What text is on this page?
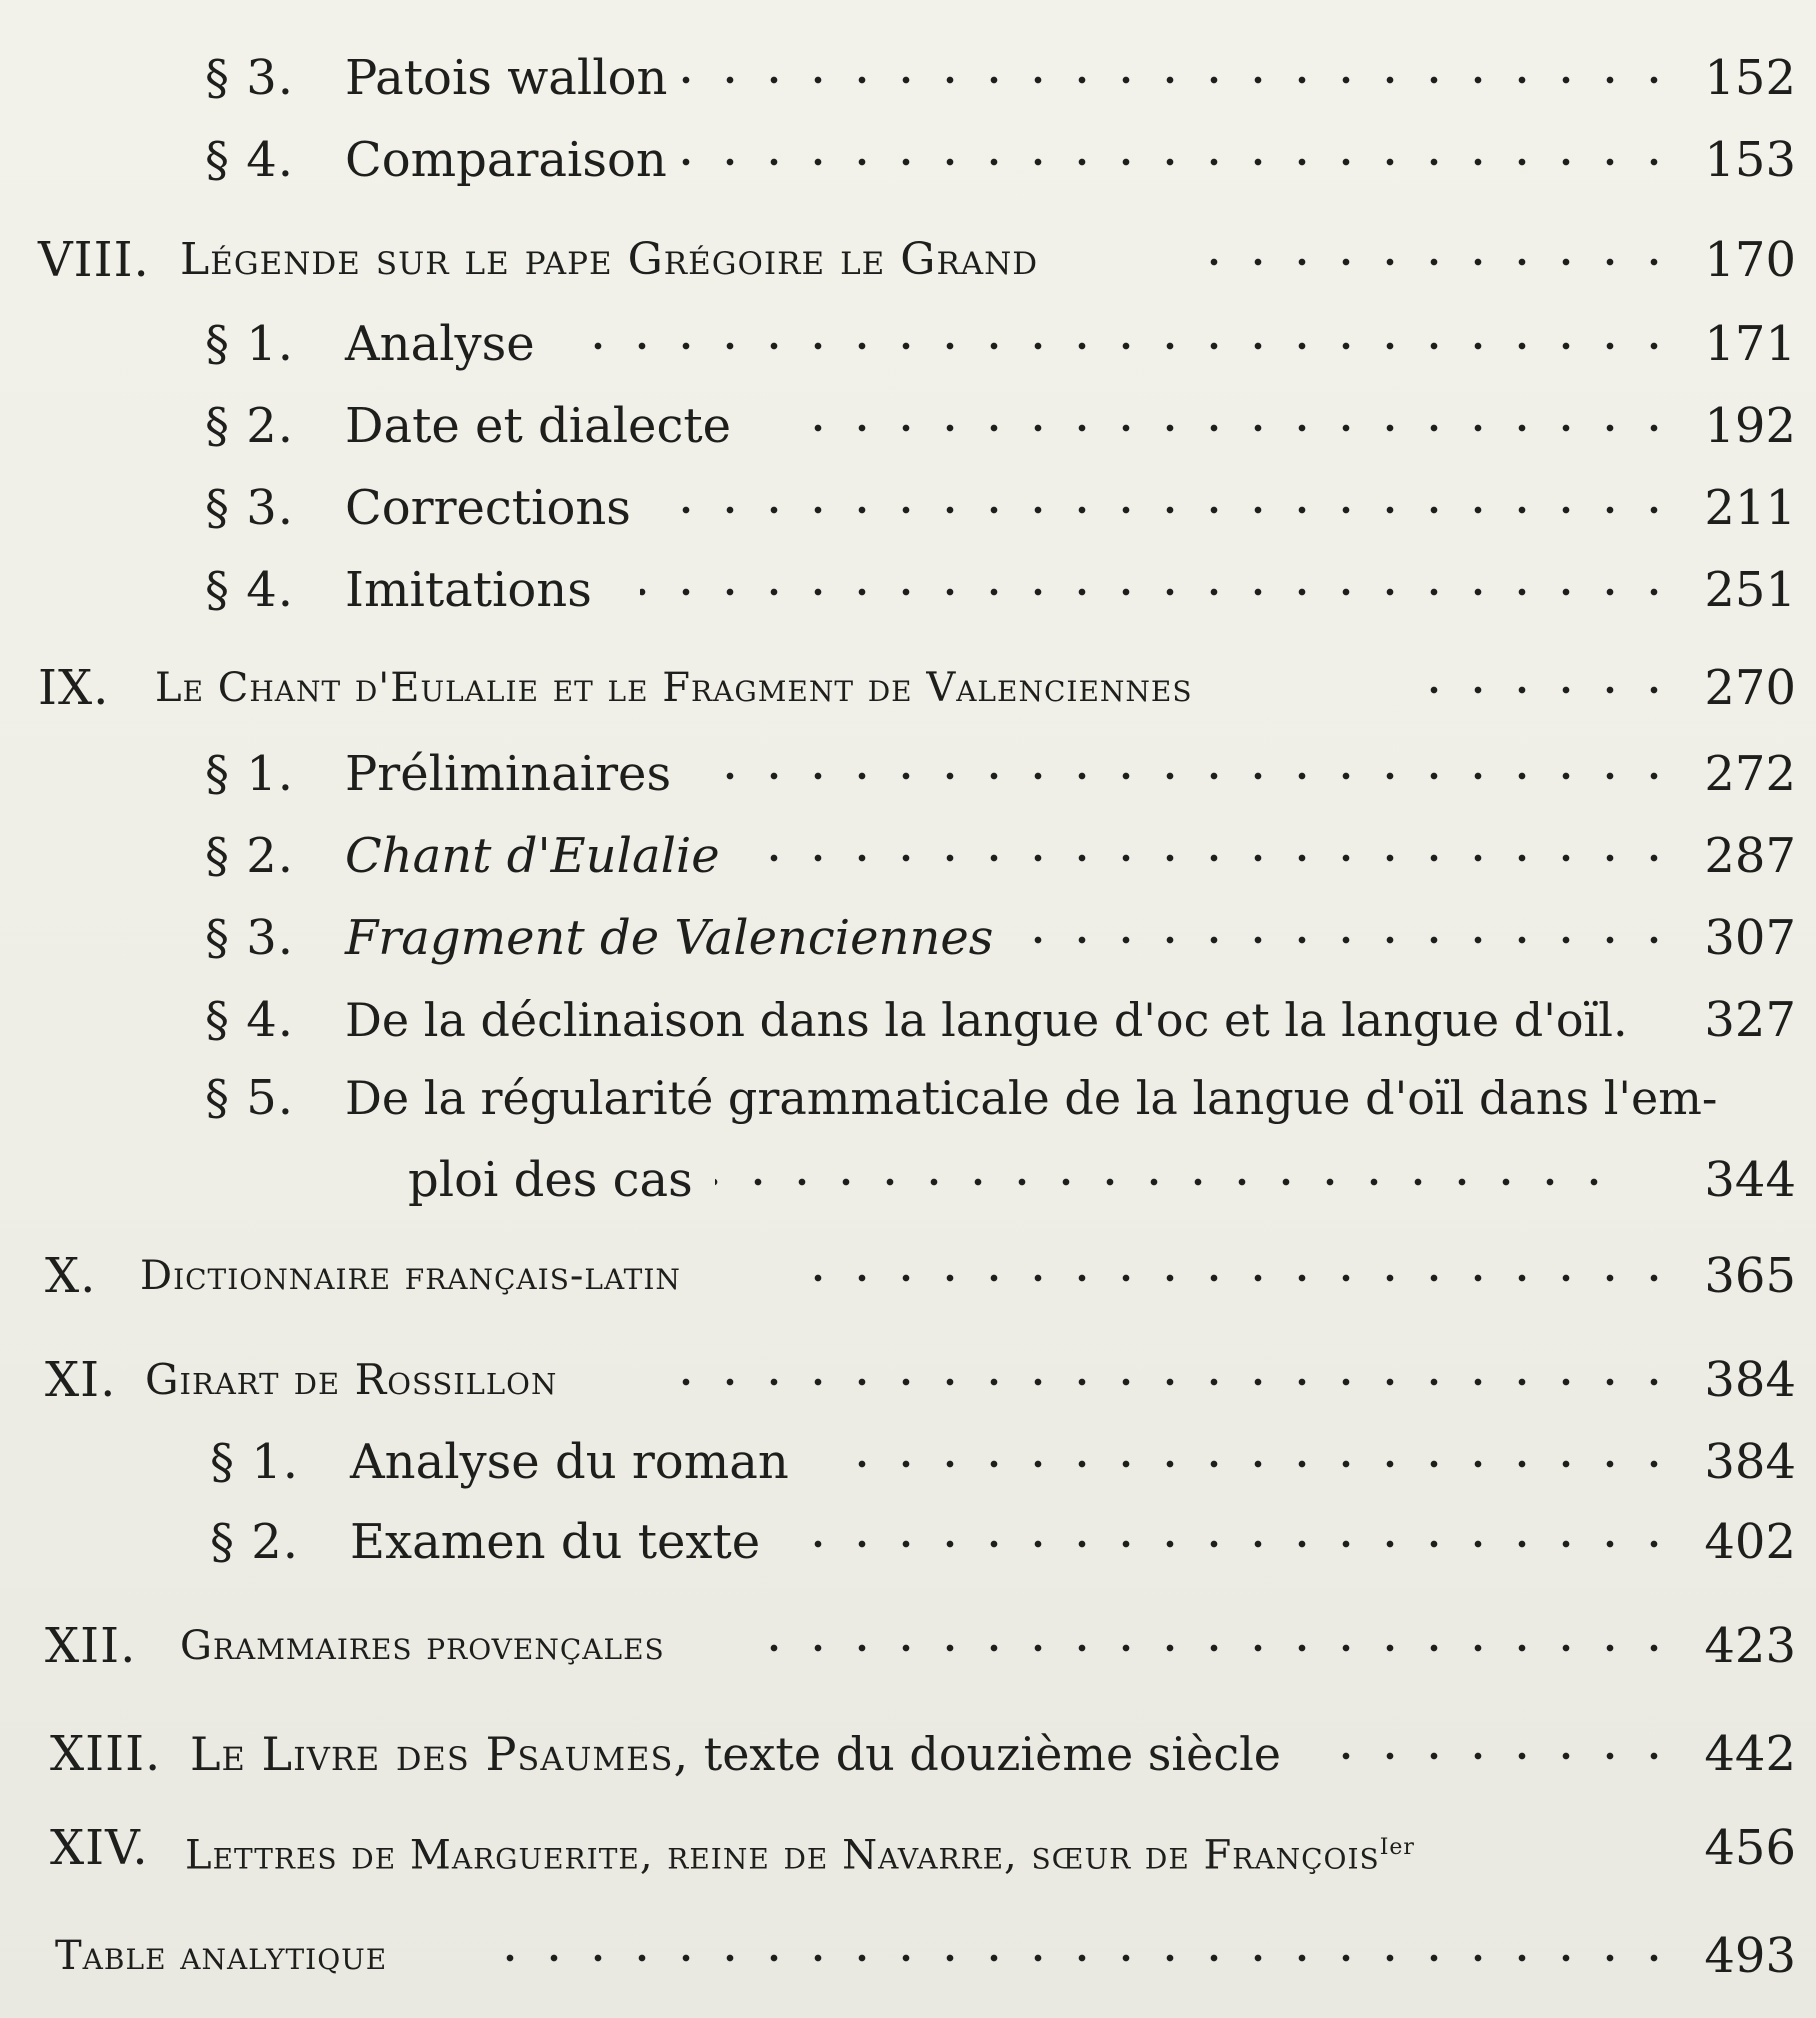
§ 3. Patois wallon	152
§ 4. Comparaison	153
VIII. Légende sur le pape Grégoire le Grand	170
§ 1. Analyse	171
§ 2. Date et dialecte	192
§ 3. Corrections	211
§ 4. Imitations	251
IX. Le Chant d'Eulalie et le Fragment de Valenciennes	270
§ 1. Préliminaires	272
§ 2. Chant d'Eulalie	287
§ 3. Fragment de Valenciennes	307
§ 4. De la déclinaison dans la langue d'oc et la langue d'oïl.	327
§ 5. De la régularité grammaticale de la langue d'oïl dans l'em-
ploi des cas	344
X. Dictionnaire français-latin	365
XI. Girart de Rossillon	384
§ 1. Analyse du roman	384
§ 2. Examen du texte	402
XII. Grammaires provençales	423
XIII. Le Livre des Psaumes, texte du douzième siècle	442
XIV. Lettres de Marguerite, reine de Navarre, sœur de François$^{Ier}$	456
Table analytique	493
